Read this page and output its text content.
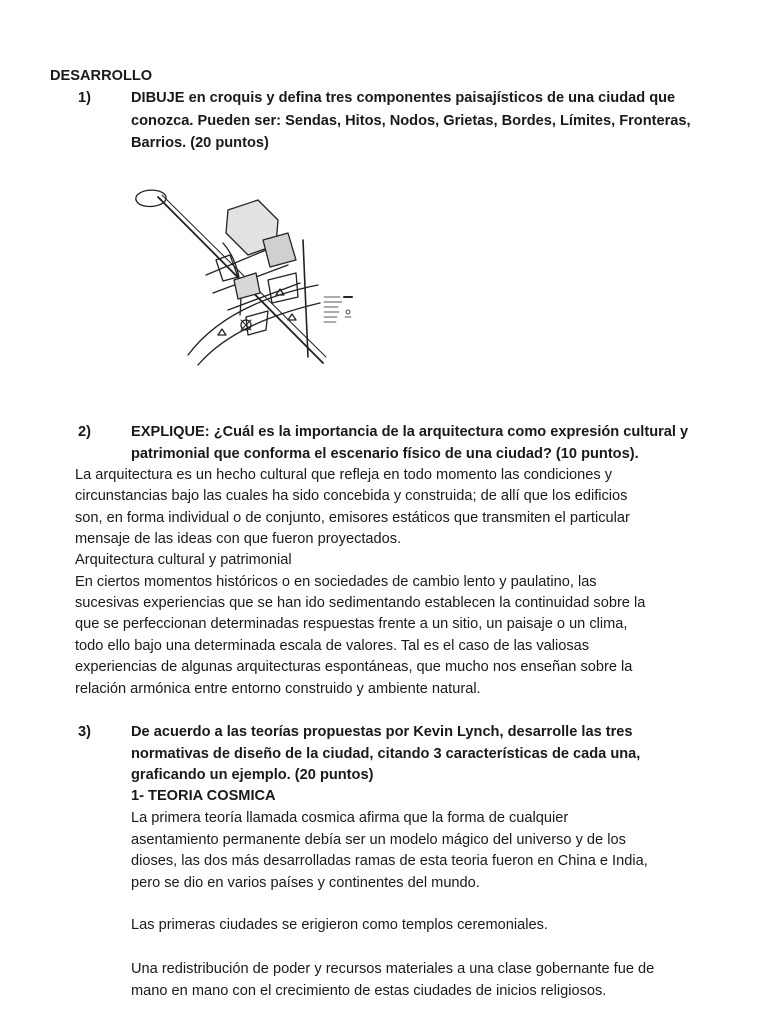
DESARROLLO
1)	DIBUJE en croquis y defina tres componentes paisajísticos de una ciudad que
conozca. Pueden ser: Sendas, Hitos, Nodos, Grietas, Bordes, Límites, Fronteras,
Barrios. (20 puntos)
2)	EXPLIQUE: ¿Cuál es la importancia de la arquitectura como expresión cultural y
patrimonial que conforma el escenario físico de una ciudad? (10 puntos).
La arquitectura es un hecho cultural que refleja en todo momento las condiciones y
circunstancias bajo las cuales ha sido concebida y construida; de allí que los edificios
son, en forma individual o de conjunto, emisores estáticos que transmiten el particular
mensaje de las ideas con que fueron proyectados.
Arquitectura cultural y patrimonial
En ciertos momentos históricos o en sociedades de cambio lento y paulatino, las
sucesivas experiencias que se han ido sedimentando establecen la continuidad sobre la
que se perfeccionan determinadas respuestas frente a un sitio, un paisaje o un clima,
todo ello bajo una determinada escala de valores. Tal es el caso de las valiosas
experiencias de algunas arquitecturas espontáneas, que mucho nos enseñan sobre la
relación armónica entre entorno construido y ambiente natural.
3)	De acuerdo a las teorías propuestas por Kevin Lynch, desarrolle las tres
normativas de diseño de la ciudad, citando 3 características de cada una,
graficando un ejemplo. (20 puntos)
1- TEORIA COSMICA
La primera teoría llamada cosmica afirma que la forma de cualquier
asentamiento permanente debía ser un modelo mágico del universo y de los
dioses, las dos más desarrolladas ramas de esta teoria fueron en China e India,
pero se dio en varios países y continentes del mundo.
Las primeras ciudades se erigieron como templos ceremoniales.
Una redistribución de poder y recursos materiales a una clase gobernante fue de
mano en mano con el crecimiento de estas ciudades de inicios religiosos.
